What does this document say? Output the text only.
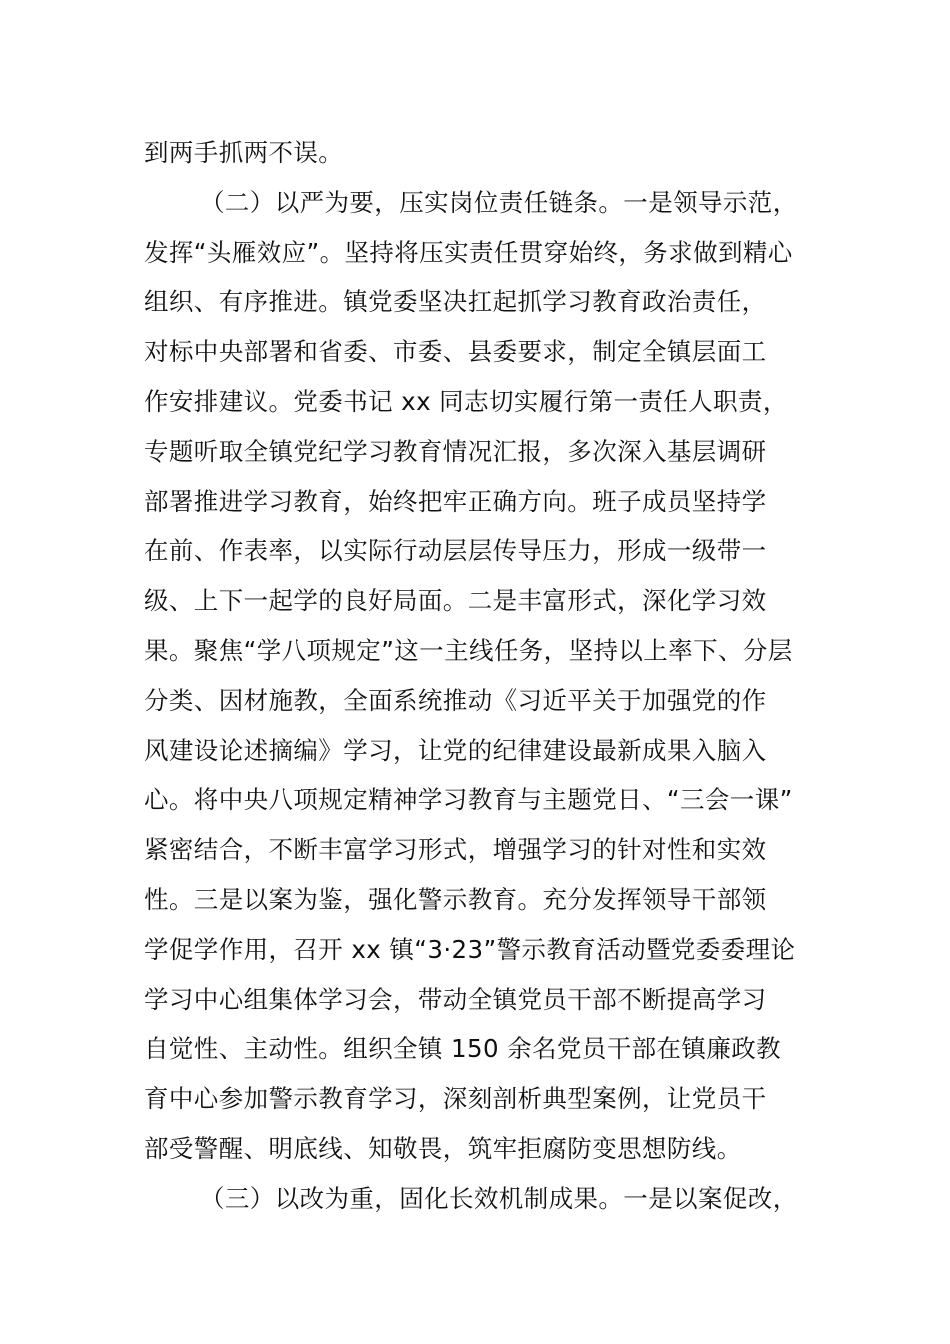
到两手抓两不误。
（二）以严为要，压实岗位责任链条。一是领导示范，
发挥“头雁效应”。坚持将压实责任贯穿始终，务求做到精心
组织、有序推进。镇党委坚决扛起抓学习教育政治责任，
对标中央部署和省委、市委、县委要求，制定全镇层面工
作安排建议。党委书记 xx 同志切实履行第一责任人职责，
专题听取全镇党纪学习教育情况汇报，多次深入基层调研
部署推进学习教育，始终把牢正确方向。班子成员坚持学
在前、作表率，以实际行动层层传导压力，形成一级带一
级、上下一起学的良好局面。二是丰富形式，深化学习效
果。聚焦“学八项规定”这一主线任务，坚持以上率下、分层
分类、因材施教，全面系统推动《习近平关于加强党的作
风建设论述摘编》学习，让党的纪律建设最新成果入脑入
心。将中央八项规定精神学习教育与主题党日、“三会一课”
紧密结合，不断丰富学习形式，增强学习的针对性和实效
性。三是以案为鉴，强化警示教育。充分发挥领导干部领
学促学作用，召开 xx 镇“3·23”警示教育活动暨党委委理论
学习中心组集体学习会，带动全镇党员干部不断提高学习
自觉性、主动性。组织全镇 150 余名党员干部在镇廉政教
育中心参加警示教育学习，深刻剖析典型案例，让党员干
部受警醒、明底线、知敬畏，筑牢拒腐防变思想防线。
（三）以改为重，固化长效机制成果。一是以案促改，
